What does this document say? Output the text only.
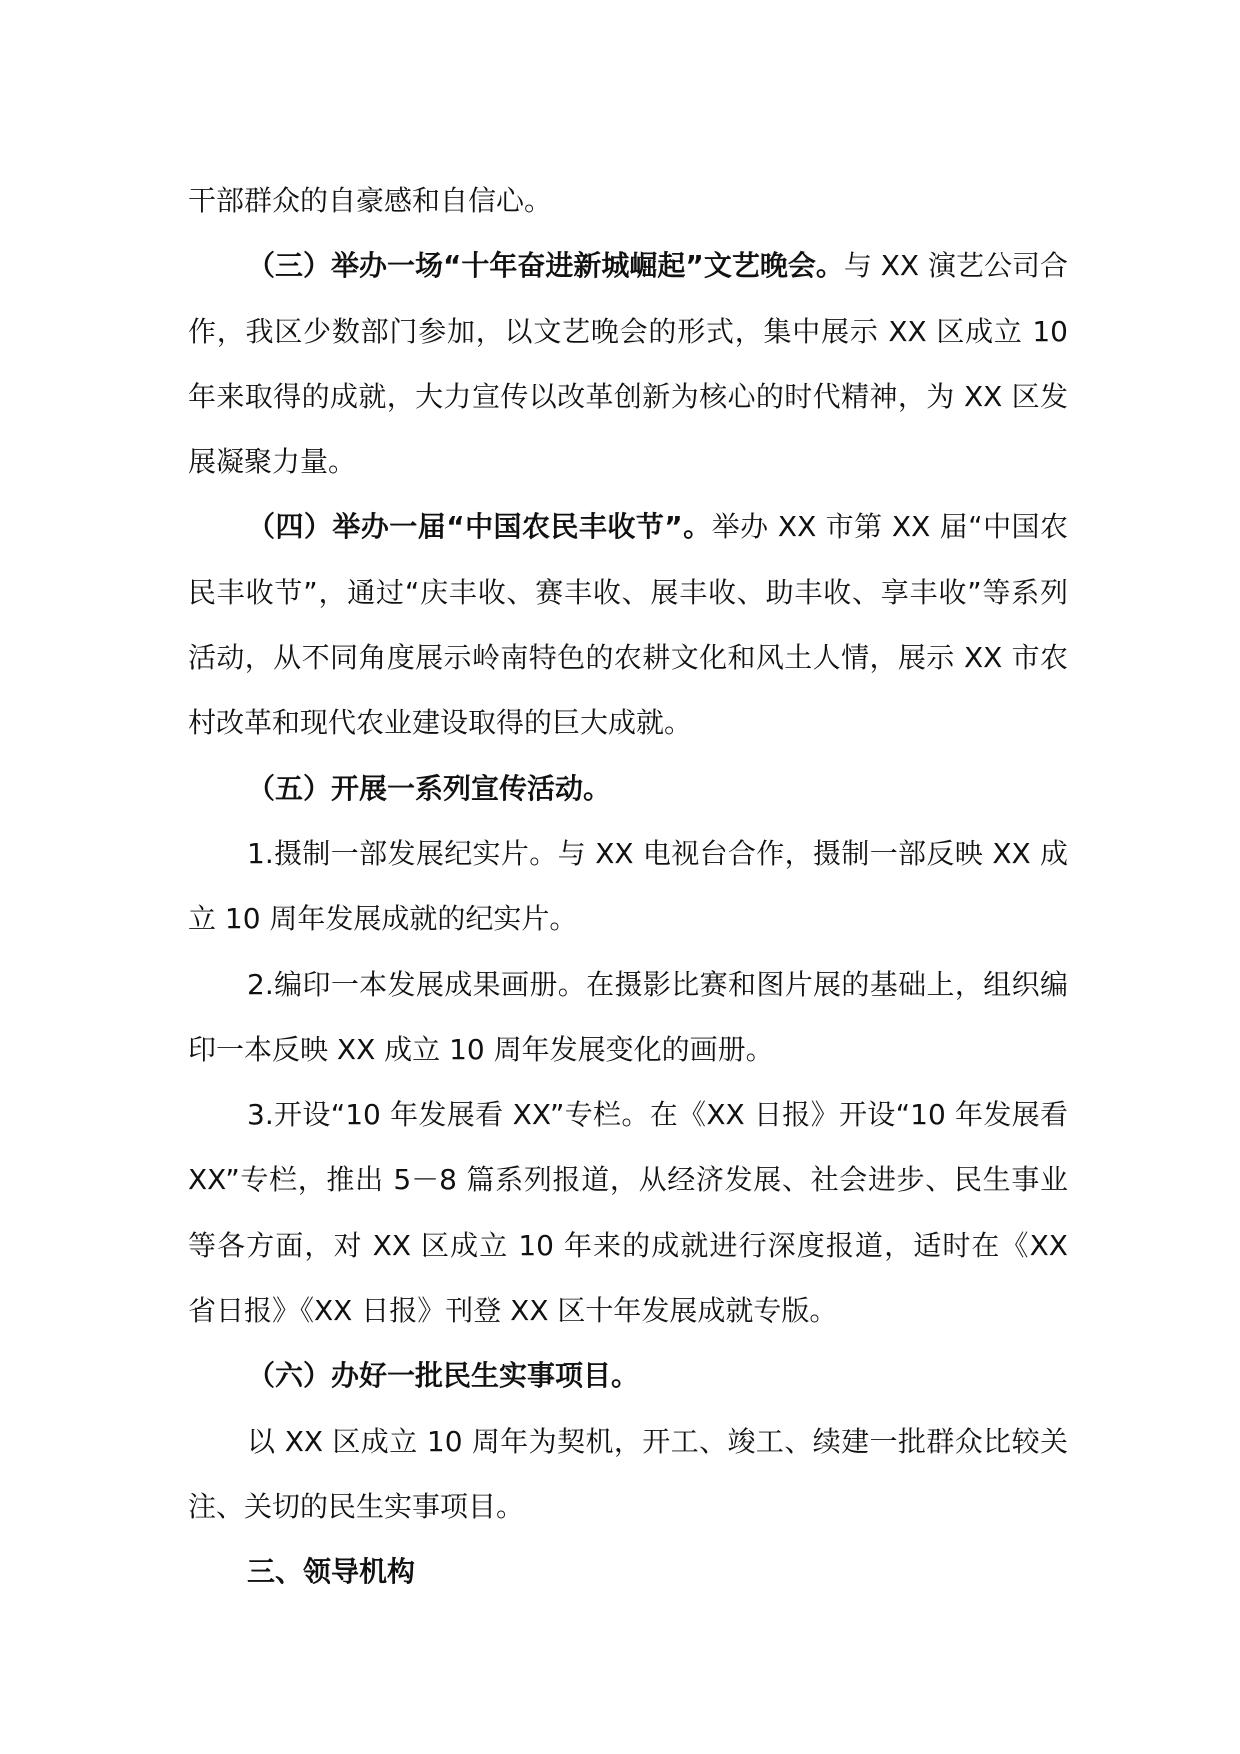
干部群众的自豪感和自信心。

（三）举办一场“十年奋进新城崛起”文艺晚会。与 XX 演艺公司合作，我区少数部门参加，以文艺晚会的形式，集中展示 XX 区成立 10 年来取得的成就，大力宣传以改革创新为核心的时代精神，为 XX 区发展凝聚力量。

（四）举办一届“中国农民丰收节”。举办 XX 市第 XX 届“中国农民丰收节”，通过“庆丰收、赛丰收、展丰收、助丰收、享丰收”等系列活动，从不同角度展示岭南特色的农耕文化和风土人情，展示 XX 市农村改革和现代农业建设取得的巨大成就。

（五）开展一系列宣传活动。

1.摄制一部发展纪实片。与 XX 电视台合作，摄制一部反映 XX 成立 10 周年发展成就的纪实片。

2.编印一本发展成果画册。在摄影比赛和图片展的基础上，组织编印一本反映 XX 成立 10 周年发展变化的画册。

3.开设“10 年发展看 XX”专栏。在《XX 日报》开设“10 年发展看 XX”专栏，推出 5－8 篇系列报道，从经济发展、社会进步、民生事业等各方面，对 XX 区成立 10 年来的成就进行深度报道，适时在《XX 省日报》《XX 日报》刊登 XX 区十年发展成就专版。

（六）办好一批民生实事项目。

以 XX 区成立 10 周年为契机，开工、竣工、续建一批群众比较关注、关切的民生实事项目。

三、领导机构
